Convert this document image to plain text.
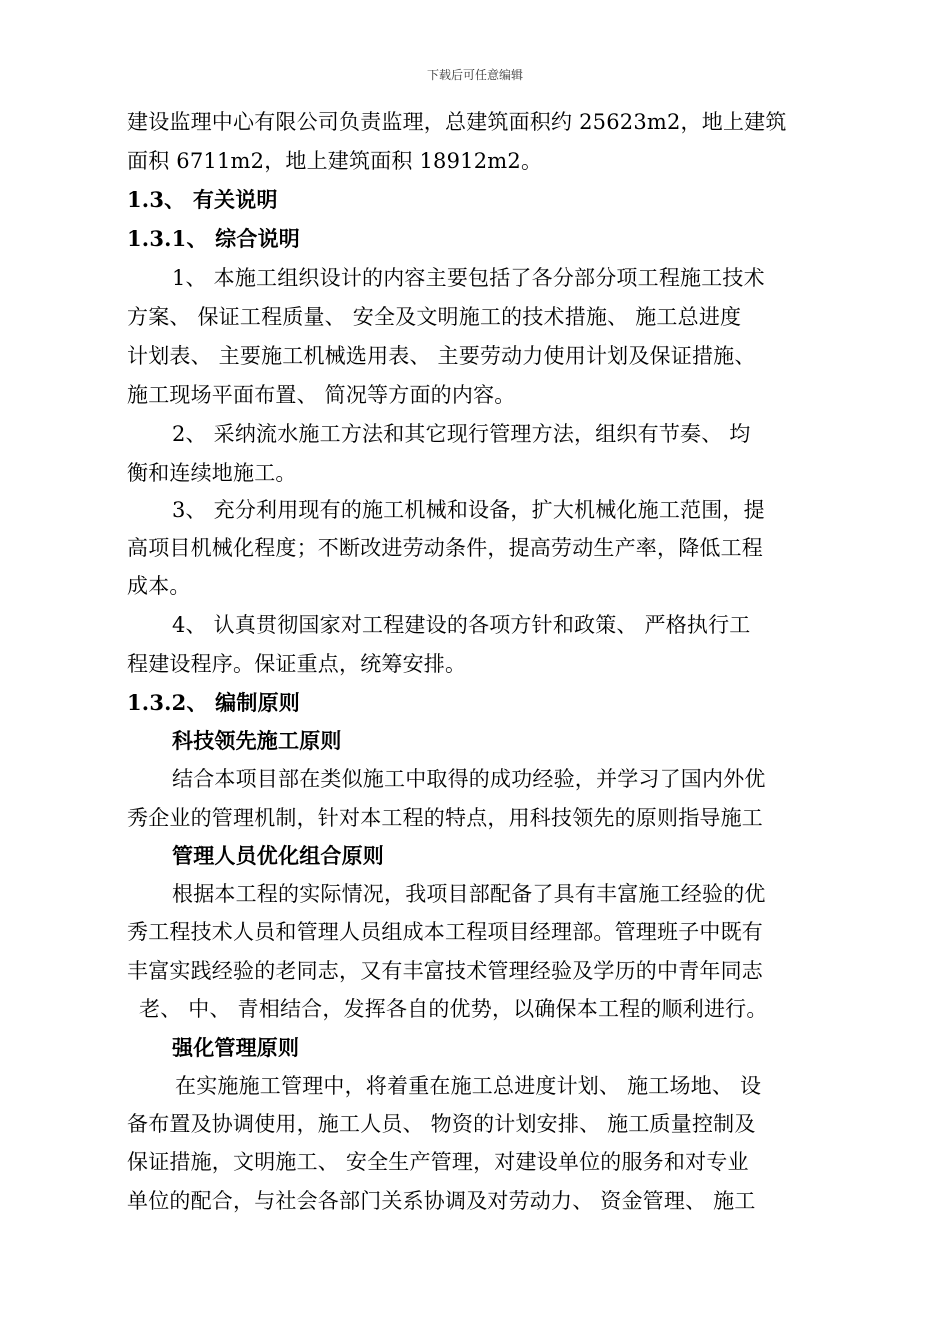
下载后可任意编辑
建设监理中心有限公司负责监理，总建筑面积约 25623m2，地上建筑
面积 6711m2，地上建筑面积 18912m2。
1.3、 有关说明
1.3.1、 综合说明
1、 本施工组织设计的内容主要包括了各分部分项工程施工技术
方案、 保证工程质量、 安全及文明施工的技术措施、 施工总进度
计划表、 主要施工机械选用表、 主要劳动力使用计划及保证措施、
施工现场平面布置、 简况等方面的内容。
2、 采纳流水施工方法和其它现行管理方法，组织有节奏、 均
衡和连续地施工。
3、 充分利用现有的施工机械和设备，扩大机械化施工范围，提
高项目机械化程度；不断改进劳动条件，提高劳动生产率，降低工程
成本。
4、 认真贯彻国家对工程建设的各项方针和政策、 严格执行工
程建设程序。保证重点，统筹安排。
1.3.2、 编制原则
科技领先施工原则
结合本项目部在类似施工中取得的成功经验，并学习了国内外优
秀企业的管理机制，针对本工程的特点，用科技领先的原则指导施工
管理人员优化组合原则
根据本工程的实际情况，我项目部配备了具有丰富施工经验的优
秀工程技术人员和管理人员组成本工程项目经理部。管理班子中既有
丰富实践经验的老同志，又有丰富技术管理经验及学历的中青年同志
老、 中、 青相结合，发挥各自的优势，以确保本工程的顺利进行。
强化管理原则
在实施施工管理中，将着重在施工总进度计划、 施工场地、 设
备布置及协调使用，施工人员、 物资的计划安排、 施工质量控制及
保证措施，文明施工、 安全生产管理，对建设单位的服务和对专业
单位的配合，与社会各部门关系协调及对劳动力、 资金管理、 施工
